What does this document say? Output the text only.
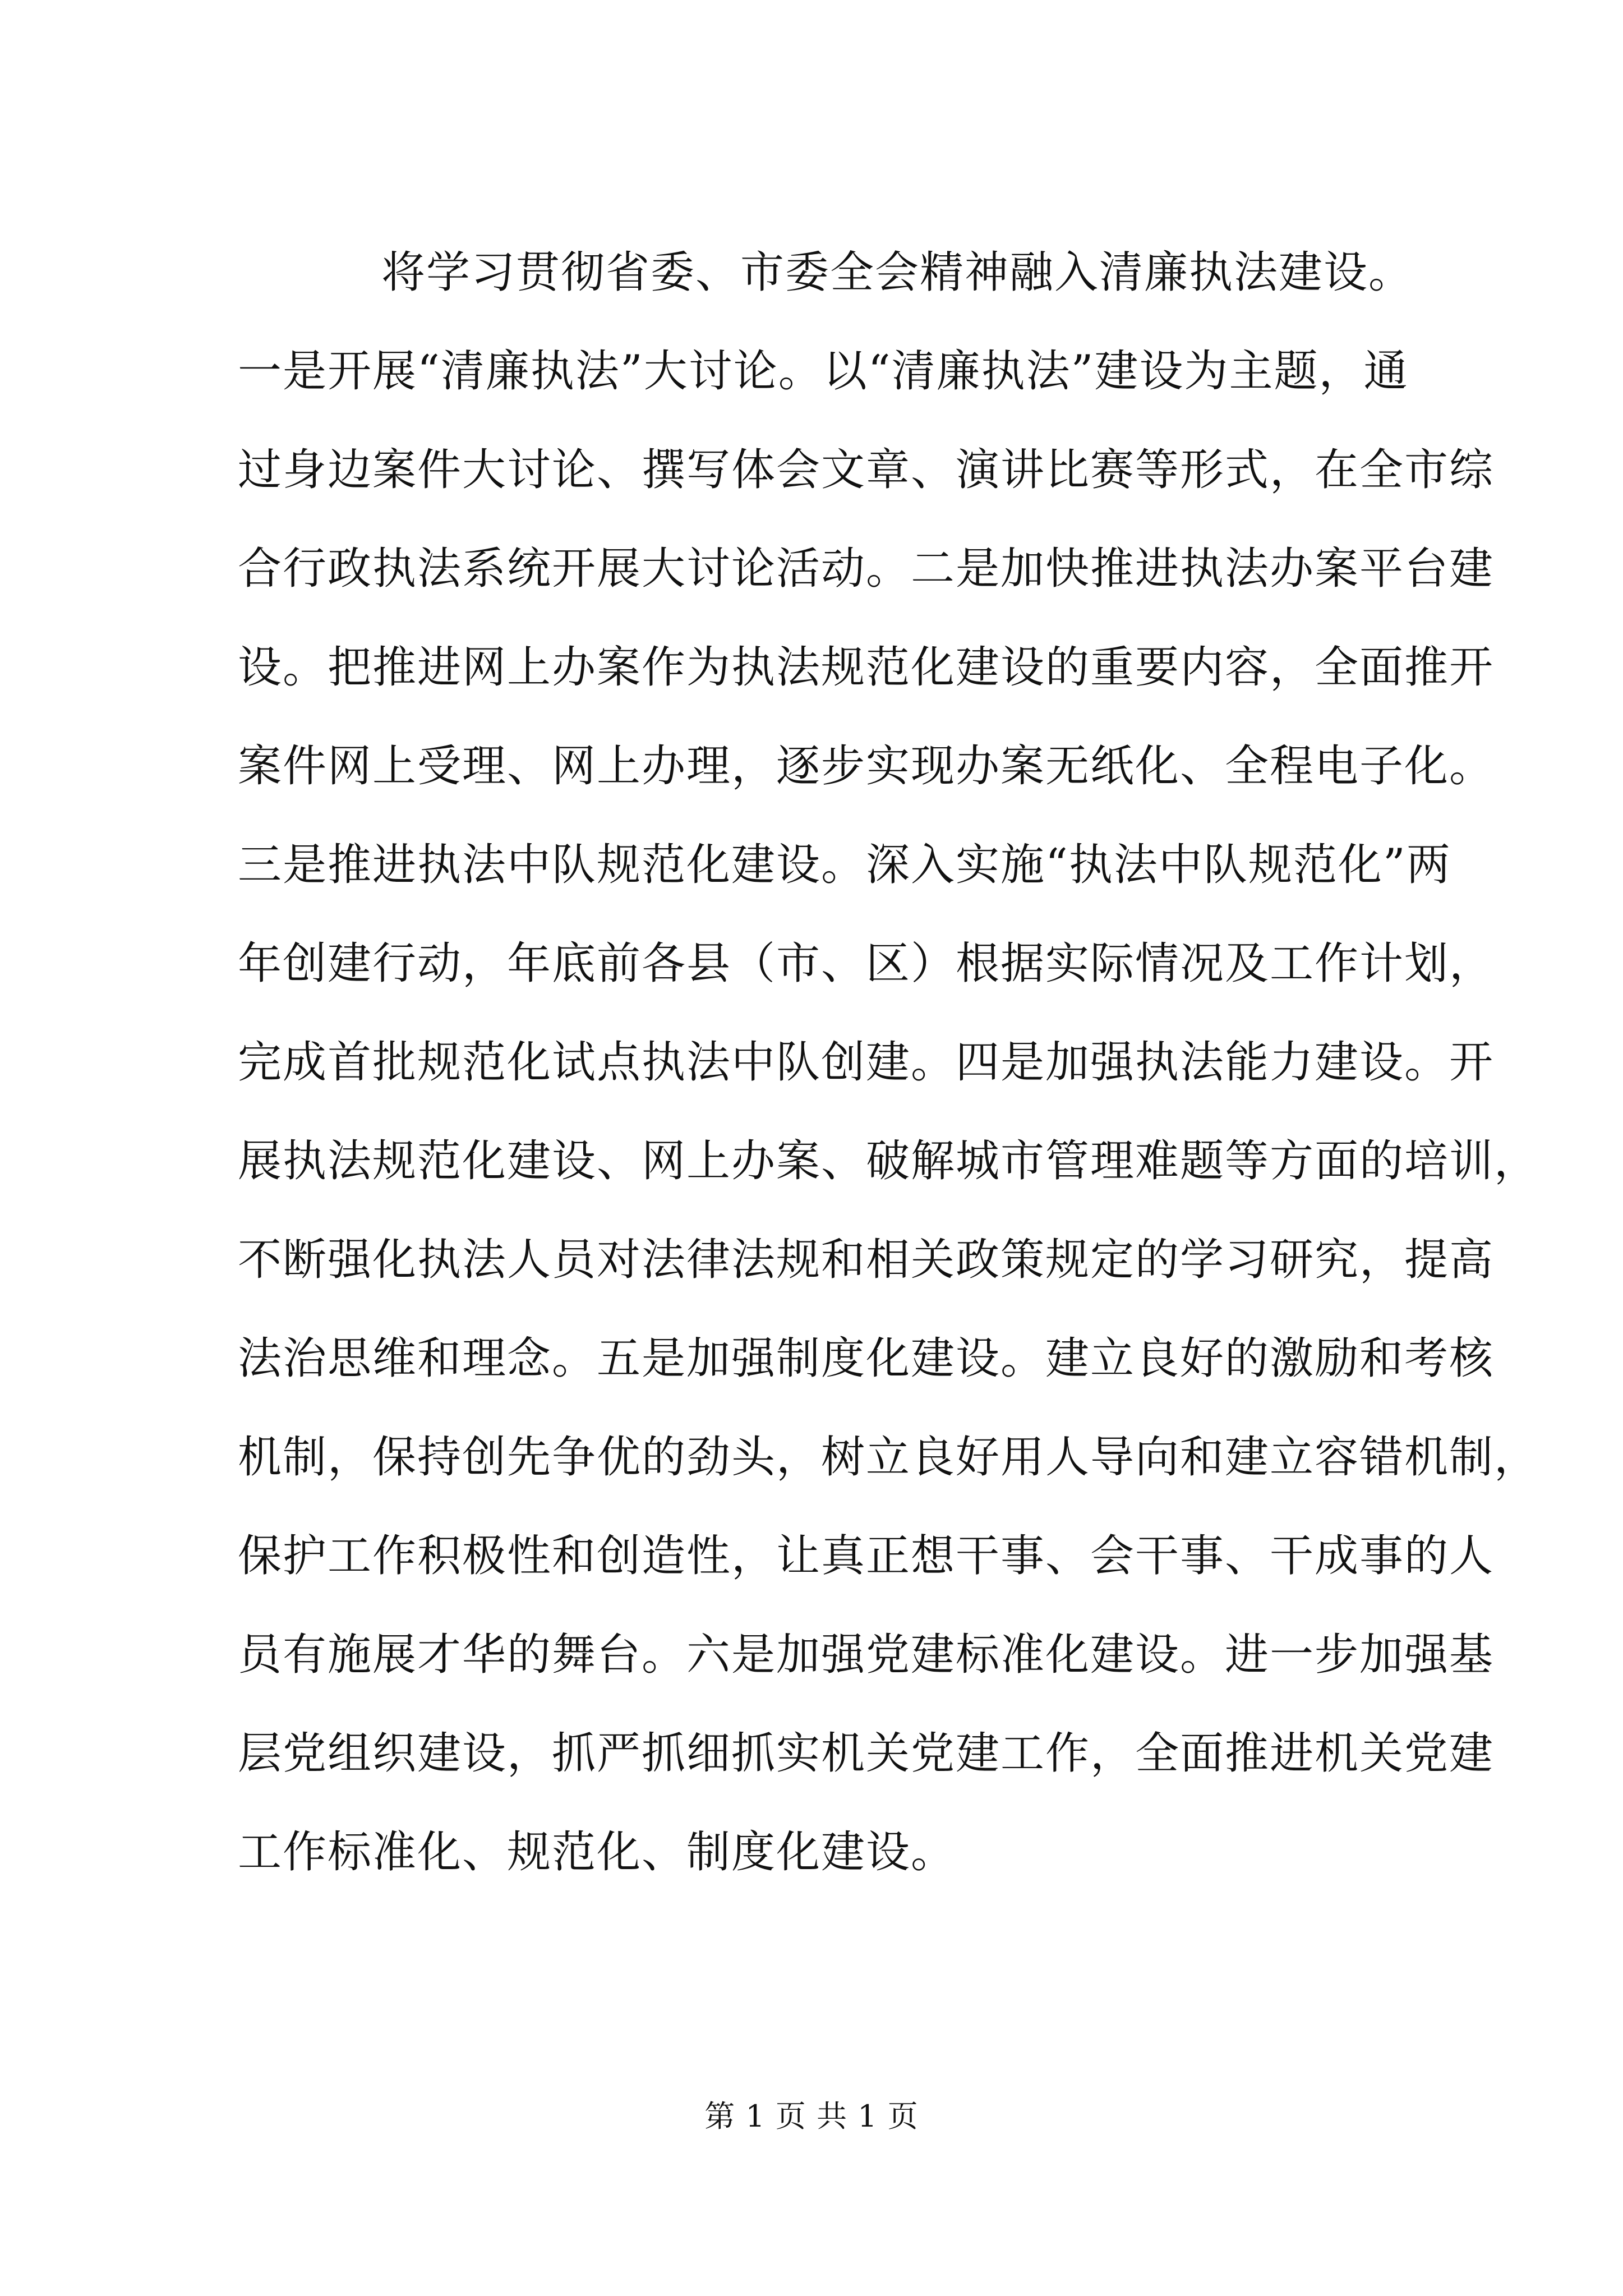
将学习贯彻省委、市委全会精神融入清廉执法建设。
一是开展“清廉执法”大讨论。以“清廉执法”建设为主题，通
过身边案件大讨论、撰写体会文章、演讲比赛等形式，在全市综
合行政执法系统开展大讨论活动。二是加快推进执法办案平台建
设。把推进网上办案作为执法规范化建设的重要内容，全面推开
案件网上受理、网上办理，逐步实现办案无纸化、全程电子化。
三是推进执法中队规范化建设。深入实施“执法中队规范化”两
年创建行动，年底前各县（市、区）根据实际情况及工作计划，
完成首批规范化试点执法中队创建。四是加强执法能力建设。开
展执法规范化建设、网上办案、破解城市管理难题等方面的培训，
不断强化执法人员对法律法规和相关政策规定的学习研究，提高
法治思维和理念。五是加强制度化建设。建立良好的激励和考核
机制，保持创先争优的劲头，树立良好用人导向和建立容错机制，
保护工作积极性和创造性，让真正想干事、会干事、干成事的人
员有施展才华的舞台。六是加强党建标准化建设。进一步加强基
层党组织建设，抓严抓细抓实机关党建工作，全面推进机关党建
工作标准化、规范化、制度化建设。
第 1 页 共 1 页
